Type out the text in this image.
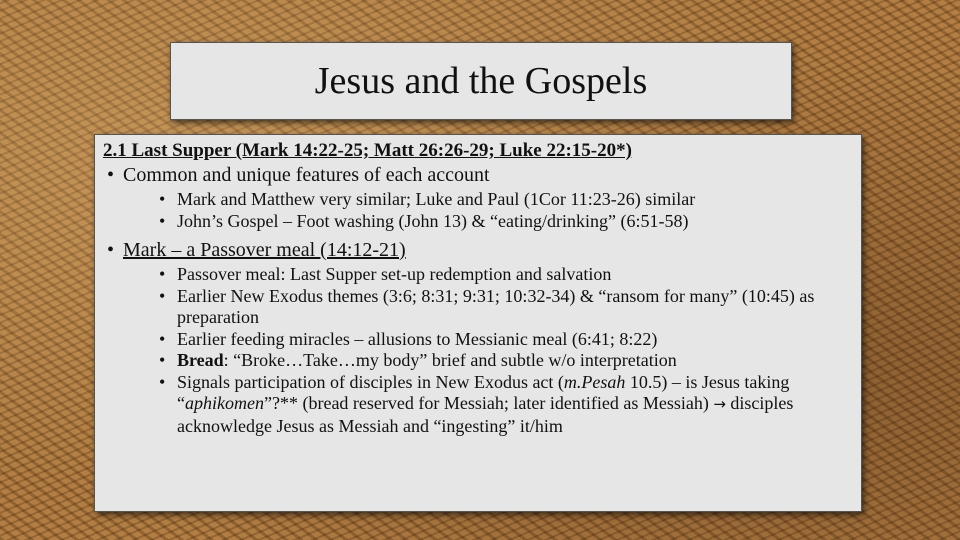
Jesus and the Gospels

2.1 Last Supper (Mark 14:22-25; Matt 26:26-29; Luke 22:15-20*)

• Common and unique features of each account
• Mark and Matthew very similar; Luke and Paul (1Cor 11:23-26) similar
• John’s Gospel – Foot washing (John 13) & “eating/drinking” (6:51-58)
• Mark – a Passover meal (14:12-21)
• Passover meal: Last Supper set-up redemption and salvation
• Earlier New Exodus themes (3:6; 8:31; 9:31; 10:32-34) & “ransom for many” (10:45) as preparation
• Earlier feeding miracles – allusions to Messianic meal (6:41; 8:22)
• Bread: “Broke…Take…my body” brief and subtle w/o interpretation
• Signals participation of disciples in New Exodus act (m.Pesah 10.5) – is Jesus taking “aphikomen”?** (bread reserved for Messiah; later identified as Messiah) → disciples acknowledge Jesus as Messiah and “ingesting” it/him
